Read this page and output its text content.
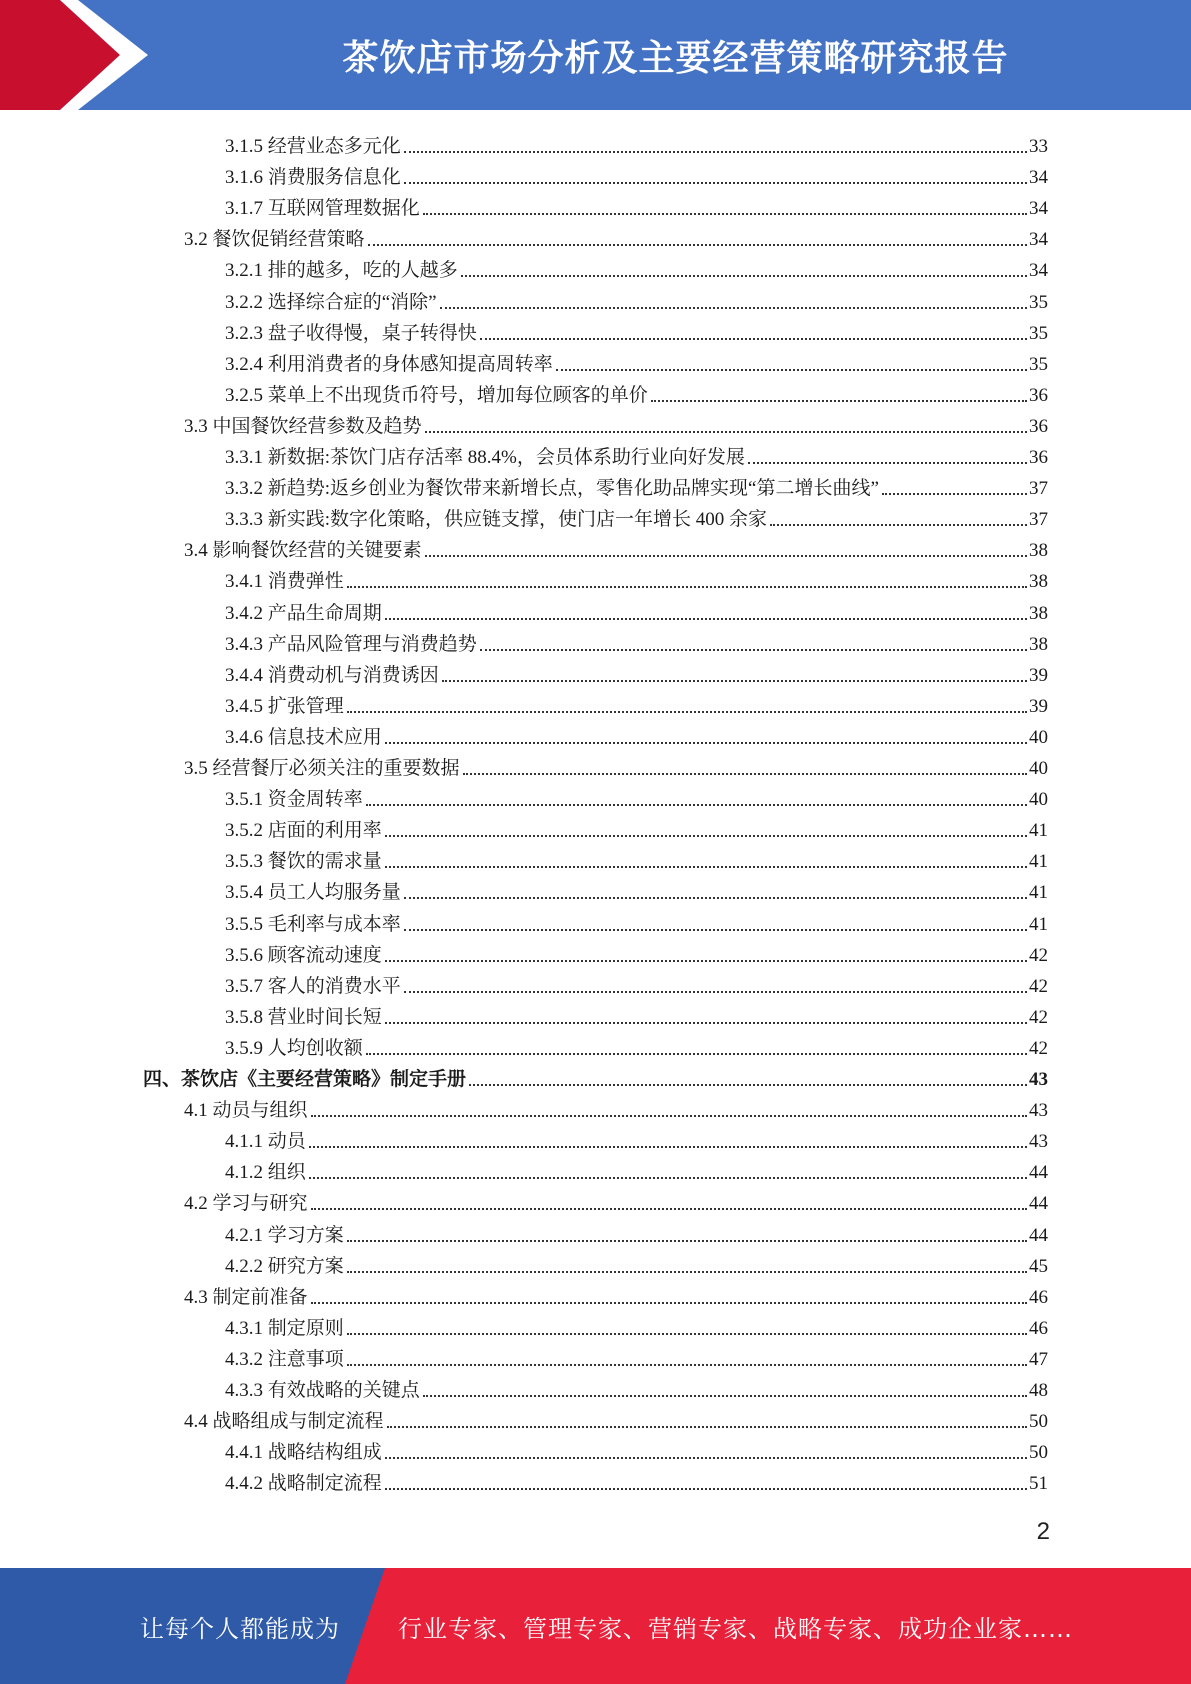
茶饮店市场分析及主要经营策略研究报告
3.1.5 经营业态多元化	33
3.1.6 消费服务信息化	34
3.1.7 互联网管理数据化	34
3.2 餐饮促销经营策略	34
3.2.1 排的越多，吃的人越多	34
3.2.2 选择综合症的“消除”	35
3.2.3 盘子收得慢，桌子转得快	35
3.2.4 利用消费者的身体感知提高周转率	35
3.2.5 菜单上不出现货币符号，增加每位顾客的单价	36
3.3 中国餐饮经营参数及趋势	36
3.3.1 新数据:茶饮门店存活率 88.4%，会员体系助行业向好发展	36
3.3.2 新趋势:返乡创业为餐饮带来新增长点，零售化助品牌实现“第二增长曲线”	37
3.3.3 新实践:数字化策略，供应链支撑，使门店一年增长 400 余家	37
3.4 影响餐饮经营的关键要素	38
3.4.1 消费弹性	38
3.4.2 产品生命周期	38
3.4.3 产品风险管理与消费趋势	38
3.4.4 消费动机与消费诱因	39
3.4.5 扩张管理	39
3.4.6 信息技术应用	40
3.5 经营餐厅必须关注的重要数据	40
3.5.1 资金周转率	40
3.5.2 店面的利用率	41
3.5.3 餐饮的需求量	41
3.5.4 员工人均服务量	41
3.5.5 毛利率与成本率	41
3.5.6 顾客流动速度	42
3.5.7 客人的消费水平	42
3.5.8 营业时间长短	42
3.5.9 人均创收额	42
四、茶饮店《主要经营策略》制定手册	43
4.1 动员与组织	43
4.1.1 动员	43
4.1.2 组织	44
4.2 学习与研究	44
4.2.1 学习方案	44
4.2.2 研究方案	45
4.3 制定前准备	46
4.3.1 制定原则	46
4.3.2 注意事项	47
4.3.3 有效战略的关键点	48
4.4 战略组成与制定流程	50
4.4.1 战略结构组成	50
4.4.2 战略制定流程	51
2
让每个人都能成为 行业专家、管理专家、营销专家、战略专家、成功企业家……
